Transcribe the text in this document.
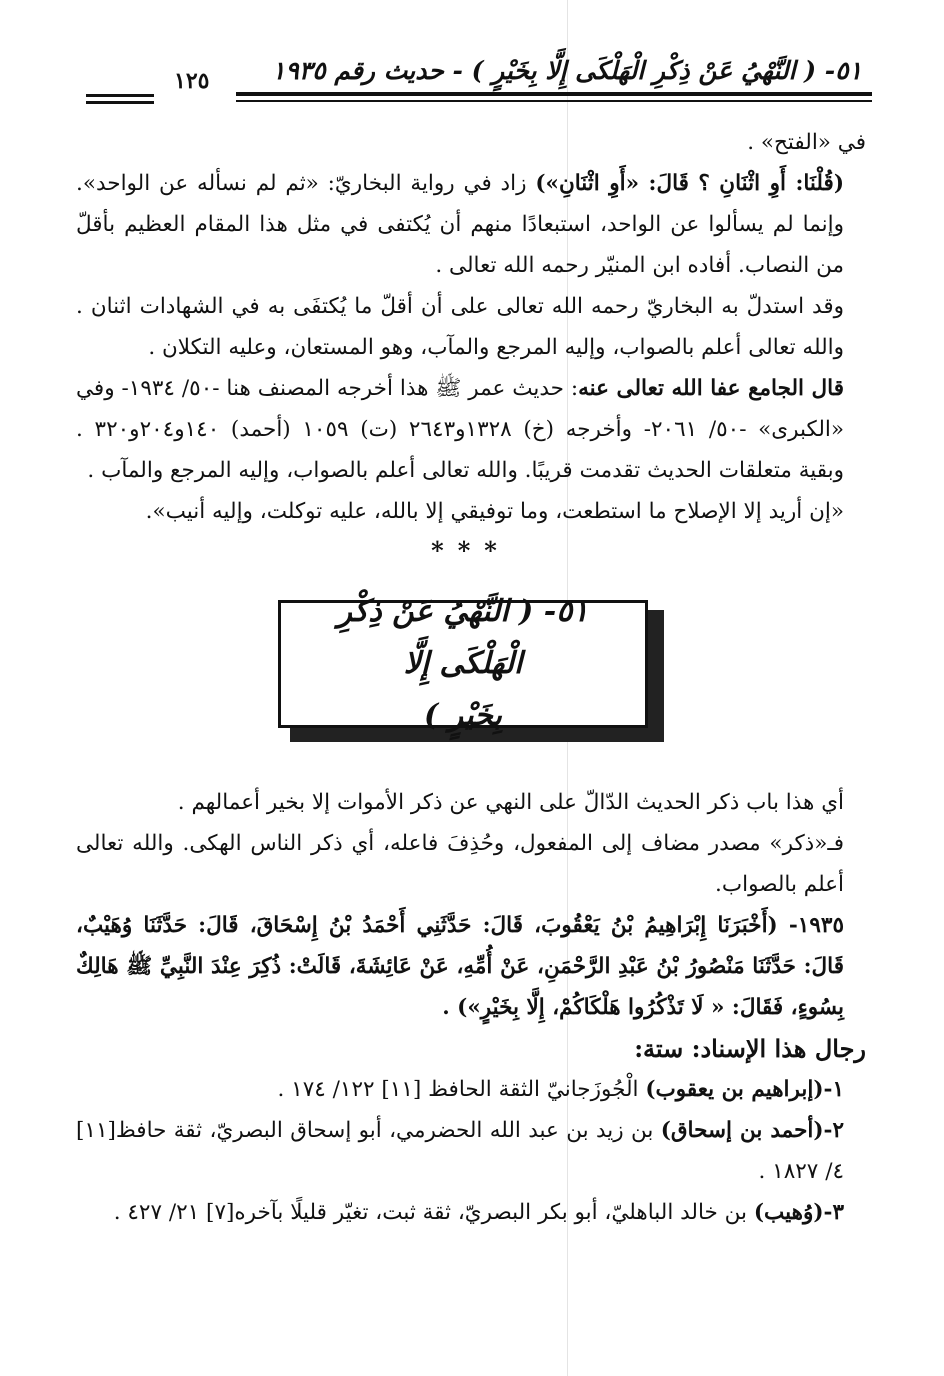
٥١- ( النَّهْيُ عَنْ ذِكْرِ الْهَلْكَى إِلَّا بِخَيْرٍ ) - حديث رقم ١٩٣٥
١٢٥

في «الفتح» .

(قُلْنَا: أَوِ اثْنَانِ ؟ قَالَ: «أَوِ اثْنَانِ») زاد في رواية البخاريّ: «ثم لم نسأله عن الواحد». وإنما لم يسألوا عن الواحد، استبعادًا منهم أن يُكتفى في مثل هذا المقام العظيم بأقلّ من النصاب. أفاده ابن المنيّر رحمه الله تعالى .

وقد استدلّ به البخاريّ رحمه الله تعالى على أن أقلّ ما يُكتفَى به في الشهادات اثنان . والله تعالى أعلم بالصواب، وإليه المرجع والمآب، وهو المستعان، وعليه التكلان .

قال الجامع عفا الله تعالى عنه: حديث عمر ﷺ هذا أخرجه المصنف هنا -٥٠/ ١٩٣٤- وفي «الكبرى» -٥٠/ ٢٠٦١- وأخرجه (خ) ١٣٢٨و٢٦٤٣ (ت) ١٠٥٩ (أحمد) ١٤٠و٢٠٤و٣٢٠ . وبقية متعلقات الحديث تقدمت قريبًا. والله تعالى أعلم بالصواب، وإليه المرجع والمآب .

«إن أريد إلا الإصلاح ما استطعت، وما توفيقي إلا بالله، عليه توكلت، وإليه أنيب».

***
٥١- ( النَّهْيُ عَنْ ذِكْرِ الْهَلْكَى إِلَّا
بِخَيْرٍ )

أي هذا باب ذكر الحديث الدّالّ على النهي عن ذكر الأموات إلا بخير أعمالهم .

فـ«ذكر» مصدر مضاف إلى المفعول، وحُذِفَ فاعله، أي ذكر الناس الهكى. والله تعالى أعلم بالصواب.

١٩٣٥- (أَخْبَرَنَا إِبْرَاهِيمُ بْنُ يَعْقُوبَ، قَالَ: حَدَّثَنِي أَحْمَدُ بْنُ إِسْحَاقَ، قَالَ: حَدَّثَنَا وُهَيْبٌ، قَالَ: حَدَّثَنَا مَنْصُورُ بْنُ عَبْدِ الرَّحْمَنِ، عَنْ أُمِّهِ، عَنْ عَائِشَةَ، قَالَتْ: ذُكِرَ عِنْدَ النَّبِيِّ ﷺ هَالِكٌ بِسُوءٍ، فَقَالَ: « لَا تَذْكُرُوا هَلْكَاكُمْ، إِلَّا بِخَيْرٍ») .

رجال هذا الإسناد: ستة:

١-(إبراهيم بن يعقوب) الْجُوزَجانيّ الثقة الحافظ [١١] ١٢٢/ ١٧٤ .

٢-(أحمد بن إسحاق) بن زيد بن عبد الله الحضرمي، أبو إسحاق البصريّ، ثقة حافظ[١١] ٤/ ١٨٢٧ .

٣-(وُهيب) بن خالد الباهليّ، أبو بكر البصريّ، ثقة ثبت، تغيّر قليلًا بآخره[٧] ٢١/ ٤٢٧ .
